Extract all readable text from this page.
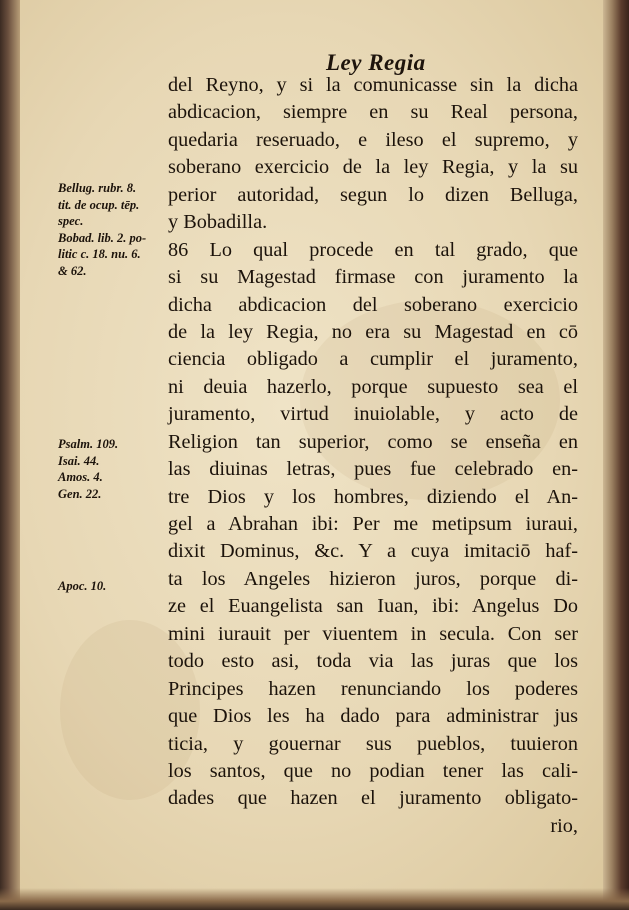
Ley Regia
del Reyno, y si la comunicasse sin la dicha
abdicacion, siempre en su Real persona,
quedaria reseruado, e ileso el supremo, y
soberano exercicio de la ley Regia, y la su
perior autoridad, segun lo dizen Belluga,
y Bobadilla.
86 Lo qual procede en tal grado, que
si su Magestad firmase con juramento la
dicha abdicacion del soberano exercicio
de la ley Regia, no era su Magestad en cō
ciencia obligado a cumplir el juramento,
ni deuia hazerlo, porque supuesto sea el
juramento, virtud inuiolable, y acto de
Religion tan superior, como se enseña en
las diuinas letras, pues fue celebrado en-
tre Dios y los hombres, diziendo el An-
gel a Abrahan ibi: Per me metipsum iuraui,
dixit Dominus, &c. Y a cuya imitaciō haf-
ta los Angeles hizieron juros, porque di-
ze el Euangelista san Iuan, ibi: Angelus Do
mini iurauit per viuentem in secula. Con ser
todo esto asi, toda via las juras que los
Principes hazen renunciando los poderes
que Dios les ha dado para administrar jus
ticia, y gouernar sus pueblos, tuuieron
los santos, que no podian tener las cali-
dades que hazen el juramento obligato-
rio,
Bellug. rubr. 8.
tit. de ocup. tēp.
spec.
Bobad. lib. 2. po-
litic c. 18. nu. 6.
& 62.
Psalm. 109.
Isai. 44.
Amos. 4.
Gen. 22.
Apoc. 10.
